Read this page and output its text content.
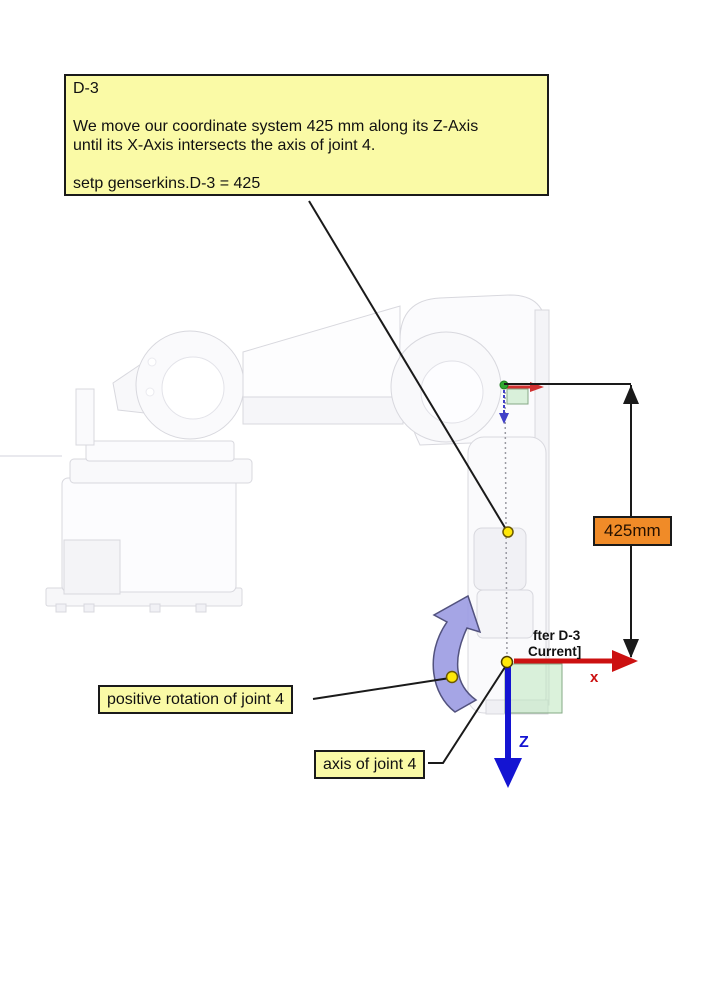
fter D-3
Current]
x
Z
D-3
We move our coordinate system 425 mm along its Z-Axis
until its X-Axis intersects the axis of joint 4.
setp genserkins.D-3 = 425
positive rotation of joint 4
axis of joint 4
425mm
